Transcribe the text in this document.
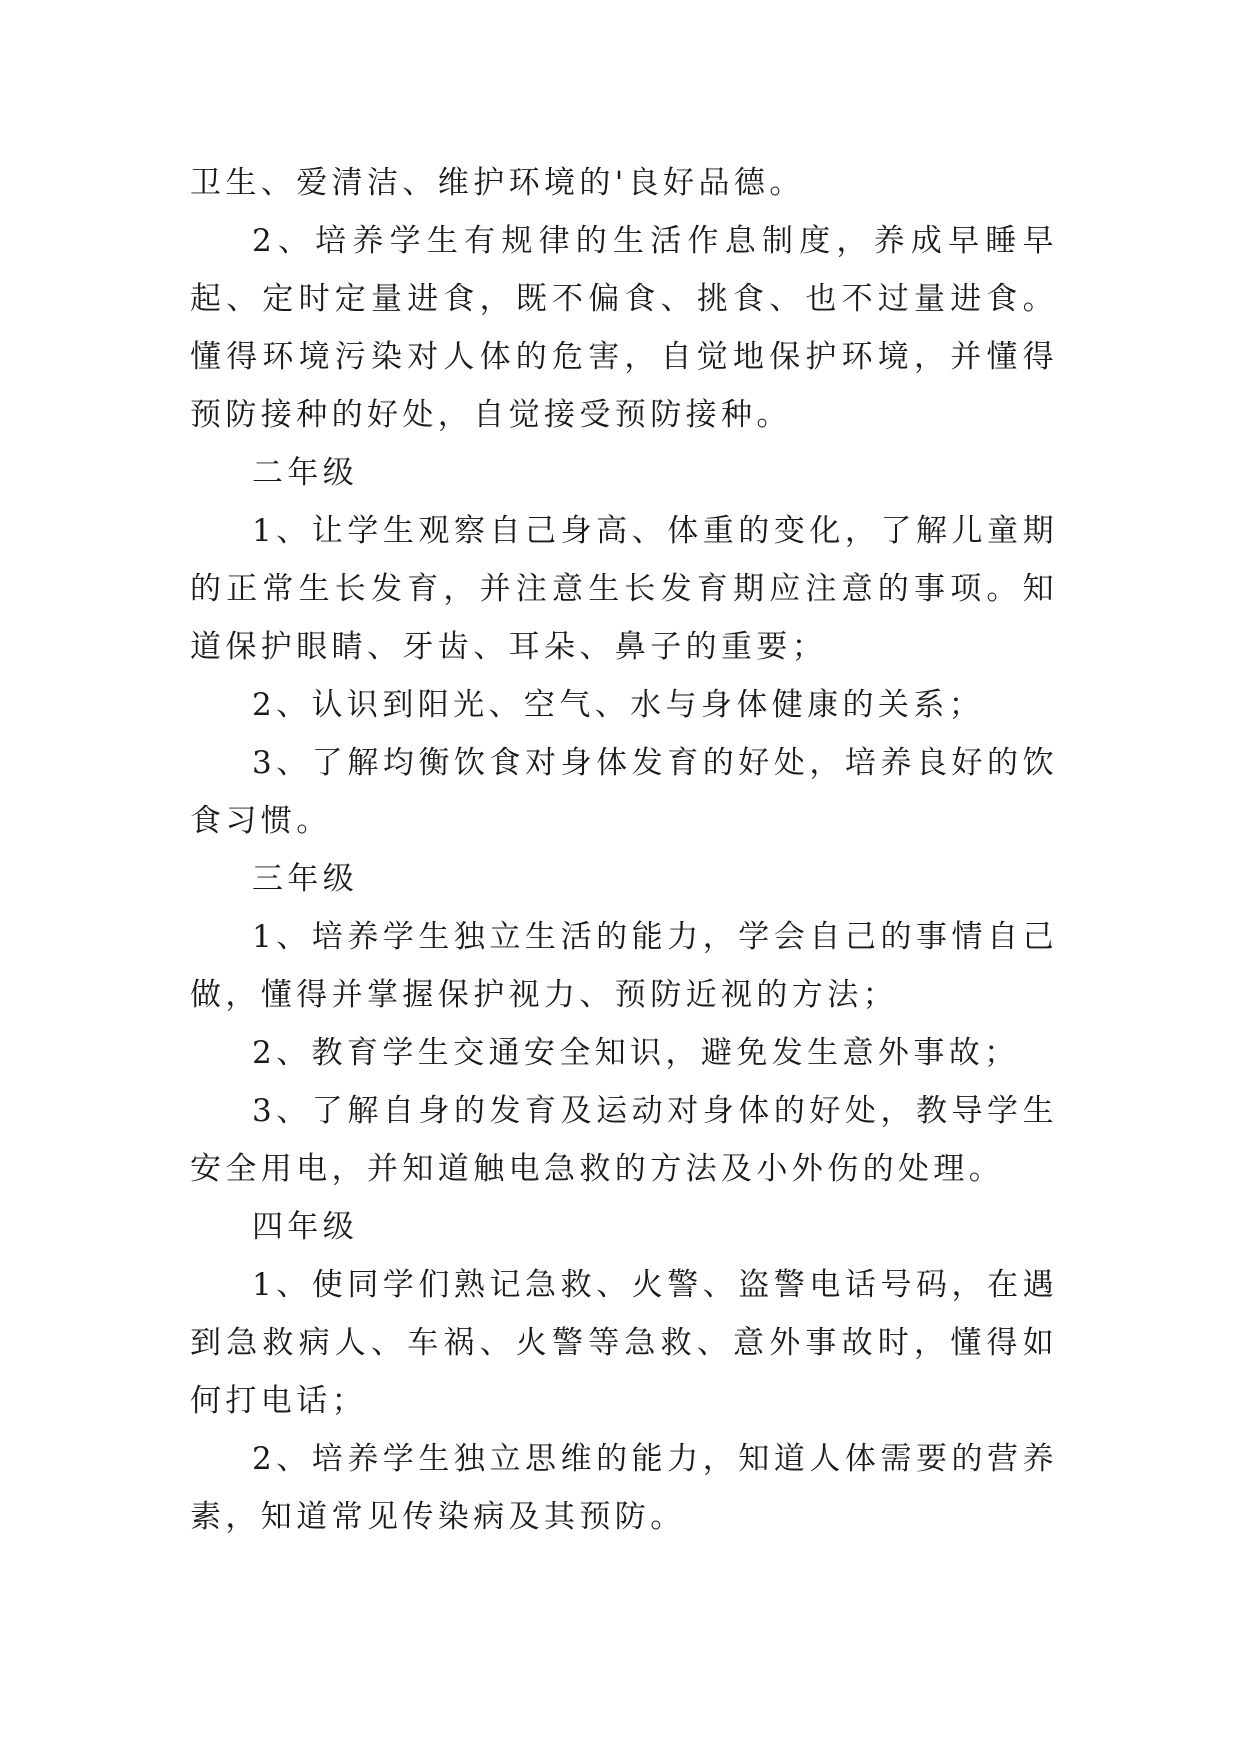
卫生、爱清洁、维护环境的'良好品德。

2、培养学生有规律的生活作息制度，养成早睡早起、定时定量进食，既不偏食、挑食、也不过量进食。懂得环境污染对人体的危害，自觉地保护环境，并懂得预防接种的好处，自觉接受预防接种。

二年级

1、让学生观察自己身高、体重的变化，了解儿童期的正常生长发育，并注意生长发育期应注意的事项。知道保护眼睛、牙齿、耳朵、鼻子的重要；

2、认识到阳光、空气、水与身体健康的关系；

3、了解均衡饮食对身体发育的好处，培养良好的饮食习惯。

三年级

1、培养学生独立生活的能力，学会自己的事情自己做，懂得并掌握保护视力、预防近视的方法；

2、教育学生交通安全知识，避免发生意外事故；

3、了解自身的发育及运动对身体的好处，教导学生安全用电，并知道触电急救的方法及小外伤的处理。

四年级

1、使同学们熟记急救、火警、盗警电话号码，在遇到急救病人、车祸、火警等急救、意外事故时，懂得如何打电话；

2、培养学生独立思维的能力，知道人体需要的营养素，知道常见传染病及其预防。
